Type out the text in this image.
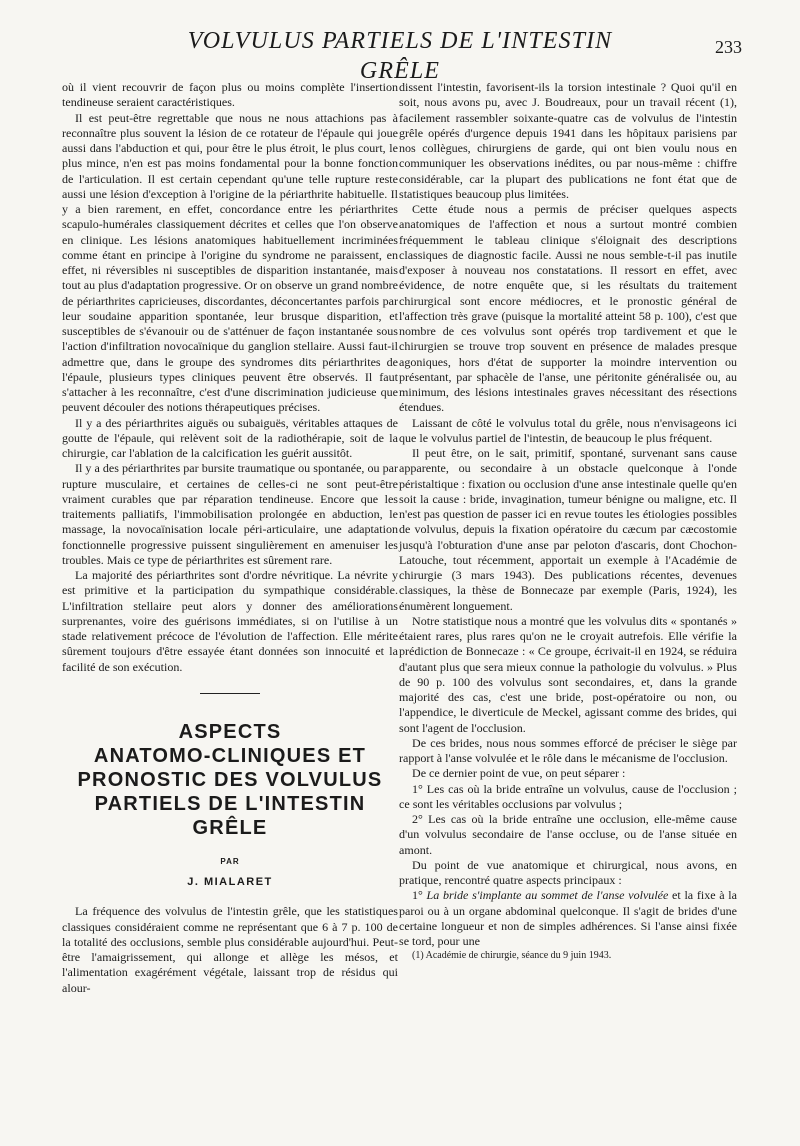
VOLVULUS PARTIELS DE L'INTESTIN GRÊLE
233

où il vient recouvrir de façon plus ou moins complète l'insertion tendineuse seraient caractéristiques.

Il est peut-être regrettable que nous ne nous attachions pas à reconnaître plus souvent la lésion de ce rotateur de l'épaule qui joue aussi dans l'abduction et qui, pour être le plus étroit, le plus court, le plus mince, n'en est pas moins fondamental pour la bonne fonction de l'articulation. Il est certain cependant qu'une telle rupture reste aussi une lésion d'exception à l'origine de la périarthrite habituelle. Il y a bien rarement, en effet, concordance entre les périarthrites scapulo-humérales classiquement décrites et celles que l'on observe en clinique. Les lésions anatomiques habituellement incriminées comme étant en principe à l'origine du syndrome ne paraissent, en effet, ni réversibles ni susceptibles de disparition instantanée, mais tout au plus d'adaptation progressive. Or on observe un grand nombre de périarthrites capricieuses, discordantes, déconcertantes parfois par leur soudaine apparition spontanée, leur brusque disparition, et susceptibles de s'évanouir ou de s'atténuer de façon instantanée sous l'action d'infiltration novocaïnique du ganglion stellaire. Aussi faut-il admettre que, dans le groupe des syndromes dits périarthrites de l'épaule, plusieurs types cliniques peuvent être observés. Il faut s'attacher à les reconnaître, c'est d'une discrimination judicieuse que peuvent découler des notions thérapeutiques précises.

Il y a des périarthrites aiguës ou subaiguës, véritables attaques de goutte de l'épaule, qui relèvent soit de la radiothérapie, soit de la chirurgie, car l'ablation de la calcification les guérit aussitôt.

Il y a des périarthrites par bursite traumatique ou spontanée, ou par rupture musculaire, et certaines de celles-ci ne sont peut-être vraiment curables que par réparation tendineuse. Encore que les traitements palliatifs, l'immobilisation prolongée en abduction, le massage, la novocaïnisation locale péri-articulaire, une adaptation fonctionnelle progressive puissent singulièrement en amenuiser les troubles. Mais ce type de périarthrites est sûrement rare.

La majorité des périarthrites sont d'ordre névritique. La névrite y est primitive et la participation du sympathique considérable. L'infiltration stellaire peut alors y donner des améliorations surprenantes, voire des guérisons immédiates, si on l'utilise à un stade relativement précoce de l'évolution de l'affection. Elle mérite sûrement toujours d'être essayée étant données son innocuité et la facilité de son exécution.

ASPECTS
ANATOMO-CLINIQUES ET
PRONOSTIC DES VOLVULUS
PARTIELS DE L'INTESTIN
GRÊLE
PAR
J. MIALARET

La fréquence des volvulus de l'intestin grêle, que les statistiques classiques considéraient comme ne représentant que 6 à 7 p. 100 de la totalité des occlusions, semble plus considérable aujourd'hui. Peut-être l'amaigrissement, qui allonge et allège les mésos, et l'alimentation exagérément végétale, laissant trop de résidus qui alour-

dissent l'intestin, favorisent-ils la torsion intestinale ? Quoi qu'il en soit, nous avons pu, avec J. Boudreaux, pour un travail récent (1), facilement rassembler soixante-quatre cas de volvulus de l'intestin grêle opérés d'urgence depuis 1941 dans les hôpitaux parisiens par nos collègues, chirurgiens de garde, qui ont bien voulu nous en communiquer les observations inédites, ou par nous-même : chiffre considérable, car la plupart des publications ne font état que de statistiques beaucoup plus limitées.

Cette étude nous a permis de préciser quelques aspects anatomiques de l'affection et nous a surtout montré combien fréquemment le tableau clinique s'éloignait des descriptions classiques de diagnostic facile. Aussi ne nous semble-t-il pas inutile d'exposer à nouveau nos constatations. Il ressort en effet, avec évidence, de notre enquête que, si les résultats du traitement chirurgical sont encore médiocres, et le pronostic général de l'affection très grave (puisque la mortalité atteint 58 p. 100), c'est que nombre de ces volvulus sont opérés trop tardivement et que le chirurgien se trouve trop souvent en présence de malades presque agoniques, hors d'état de supporter la moindre intervention ou présentant, par sphacèle de l'anse, une péritonite généralisée ou, au minimum, des lésions intestinales graves nécessitant des résections étendues.

Laissant de côté le volvulus total du grêle, nous n'envisageons ici que le volvulus partiel de l'intestin, de beaucoup le plus fréquent.

Il peut être, on le sait, primitif, spontané, survenant sans cause apparente, ou secondaire à un obstacle quelconque à l'onde péristaltique : fixation ou occlusion d'une anse intestinale quelle qu'en soit la cause : bride, invagination, tumeur bénigne ou maligne, etc. Il n'est pas question de passer ici en revue toutes les étiologies possibles de volvulus, depuis la fixation opératoire du cæcum par cæcostomie jusqu'à l'obturation d'une anse par peloton d'ascaris, dont Chochon-Latouche, tout récemment, apportait un exemple à l'Académie de chirurgie (3 mars 1943). Des publications récentes, devenues classiques, la thèse de Bonnecaze par exemple (Paris, 1924), les énumèrent longuement.

Notre statistique nous a montré que les volvulus dits « spontanés » étaient rares, plus rares qu'on ne le croyait autrefois. Elle vérifie la prédiction de Bonnecaze : « Ce groupe, écrivait-il en 1924, se réduira d'autant plus que sera mieux connue la pathologie du volvulus. » Plus de 90 p. 100 des volvulus sont secondaires, et, dans la grande majorité des cas, c'est une bride, post-opératoire ou non, ou l'appendice, le diverticule de Meckel, agissant comme des brides, qui sont l'agent de l'occlusion.

De ces brides, nous nous sommes efforcé de préciser le siège par rapport à l'anse volvulée et le rôle dans le mécanisme de l'occlusion.

De ce dernier point de vue, on peut séparer :

1° Les cas où la bride entraîne un volvulus, cause de l'occlusion ; ce sont les véritables occlusions par volvulus ;

2° Les cas où la bride entraîne une occlusion, elle-même cause d'un volvulus secondaire de l'anse occluse, ou de l'anse située en amont.

Du point de vue anatomique et chirurgical, nous avons, en pratique, rencontré quatre aspects principaux :

1° La bride s'implante au sommet de l'anse volvulée et la fixe à la paroi ou à un organe abdominal quelconque. Il s'agit de brides d'une certaine longueur et non de simples adhérences. Si l'anse ainsi fixée se tord, pour une

(1) Académie de chirurgie, séance du 9 juin 1943.
